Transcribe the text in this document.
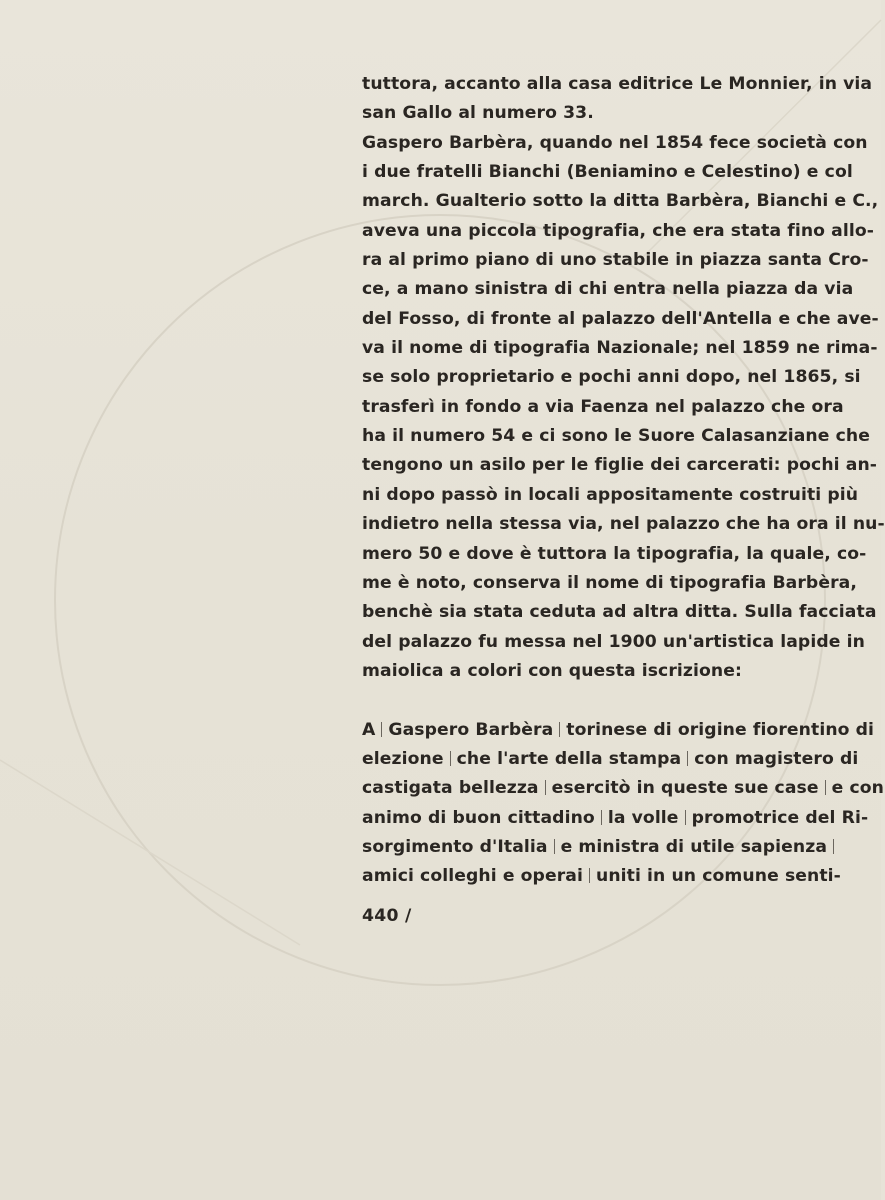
tuttora, accanto alla casa editrice Le Monnier, in via
san Gallo al numero 33.
Gaspero Barbèra, quando nel 1854 fece società con
i due fratelli Bianchi (Beniamino e Celestino) e col
march. Gualterio sotto la ditta Barbèra, Bianchi e C.,
aveva una piccola tipografia, che era stata fino allo-
ra al primo piano di uno stabile in piazza santa Cro-
ce, a mano sinistra di chi entra nella piazza da via
del Fosso, di fronte al palazzo dell'Antella e che ave-
va il nome di tipografia Nazionale; nel 1859 ne rima-
se solo proprietario e pochi anni dopo, nel 1865, si
trasferì in fondo a via Faenza nel palazzo che ora
ha il numero 54 e ci sono le Suore Calasanziane che
tengono un asilo per le figlie dei carcerati: pochi an-
ni dopo passò in locali appositamente costruiti più
indietro nella stessa via, nel palazzo che ha ora il nu-
mero 50 e dove è tuttora la tipografia, la quale, co-
me è noto, conserva il nome di tipografia Barbèra,
benchè sia stata ceduta ad altra ditta. Sulla facciata
del palazzo fu messa nel 1900 un'artistica lapide in
maiolica a colori con questa iscrizione:
A Gaspero Barbèra torinese di origine fiorentino di
elezione che l'arte della stampa con magistero di
castigata bellezza esercitò in queste sue case e con
animo di buon cittadino la volle promotrice del Ri-
sorgimento d'Italia e ministra di utile sapienza
amici colleghi e operai uniti in un comune senti-
440 /
